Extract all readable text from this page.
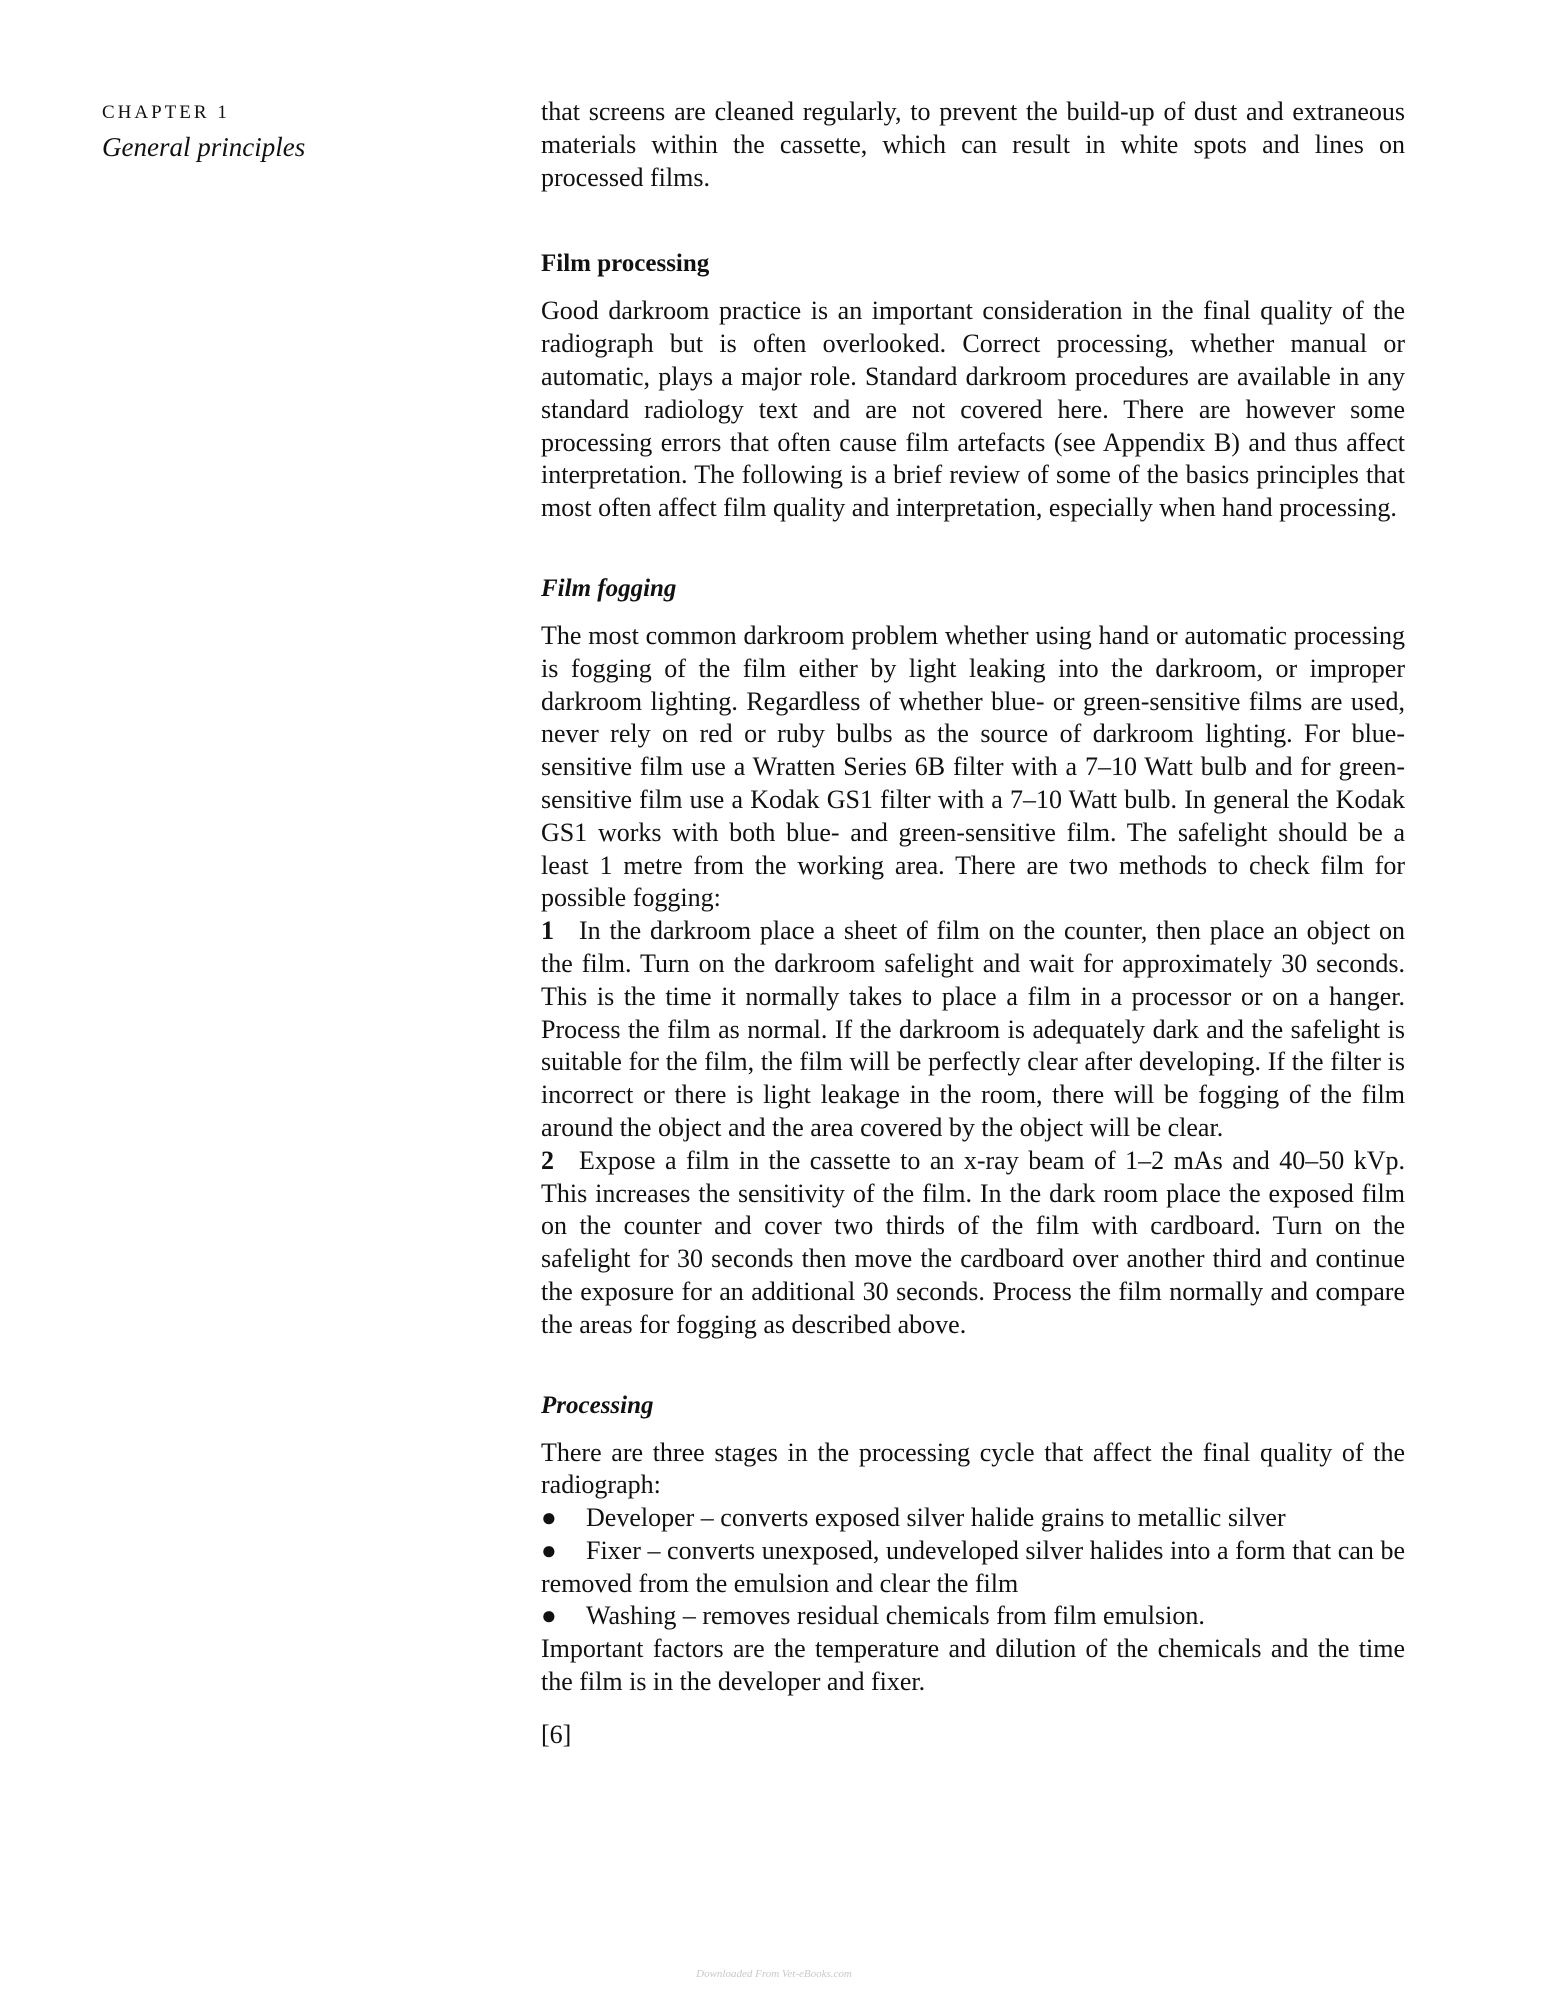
CHAPTER 1
General principles

that screens are cleaned regularly, to prevent the build-up of dust and extraneous materials within the cassette, which can result in white spots and lines on processed films.

Film processing

Good darkroom practice is an important consideration in the final quality of the radiograph but is often overlooked. Correct processing, whether manual or automatic, plays a major role. Standard darkroom procedures are available in any standard radiology text and are not covered here. There are however some processing errors that often cause film artefacts (see Appendix B) and thus affect interpretation. The following is a brief review of some of the basics principles that most often affect film quality and interpretation, especially when hand processing.

Film fogging

The most common darkroom problem whether using hand or automatic processing is fogging of the film either by light leaking into the darkroom, or improper darkroom lighting. Regardless of whether blue- or green-sensitive films are used, never rely on red or ruby bulbs as the source of darkroom lighting. For blue-sensitive film use a Wratten Series 6B filter with a 7–10 Watt bulb and for green-sensitive film use a Kodak GS1 filter with a 7–10 Watt bulb. In general the Kodak GS1 works with both blue- and green-sensitive film. The safelight should be a least 1 metre from the working area. There are two methods to check film for possible fogging:

1 In the darkroom place a sheet of film on the counter, then place an object on the film. Turn on the darkroom safelight and wait for approximately 30 seconds. This is the time it normally takes to place a film in a processor or on a hanger. Process the film as normal. If the darkroom is adequately dark and the safelight is suitable for the film, the film will be perfectly clear after developing. If the filter is incorrect or there is light leakage in the room, there will be fogging of the film around the object and the area covered by the object will be clear.

2 Expose a film in the cassette to an x-ray beam of 1–2 mAs and 40–50 kVp. This increases the sensitivity of the film. In the dark room place the exposed film on the counter and cover two thirds of the film with cardboard. Turn on the safelight for 30 seconds then move the cardboard over another third and continue the exposure for an additional 30 seconds. Process the film normally and compare the areas for fogging as described above.

Processing

There are three stages in the processing cycle that affect the final quality of the radiograph:

● Developer – converts exposed silver halide grains to metallic silver

● Fixer – converts unexposed, undeveloped silver halides into a form that can be removed from the emulsion and clear the film

● Washing – removes residual chemicals from film emulsion.

Important factors are the temperature and dilution of the chemicals and the time the film is in the developer and fixer.

[6]
Downloaded From Vet-eBooks.com
